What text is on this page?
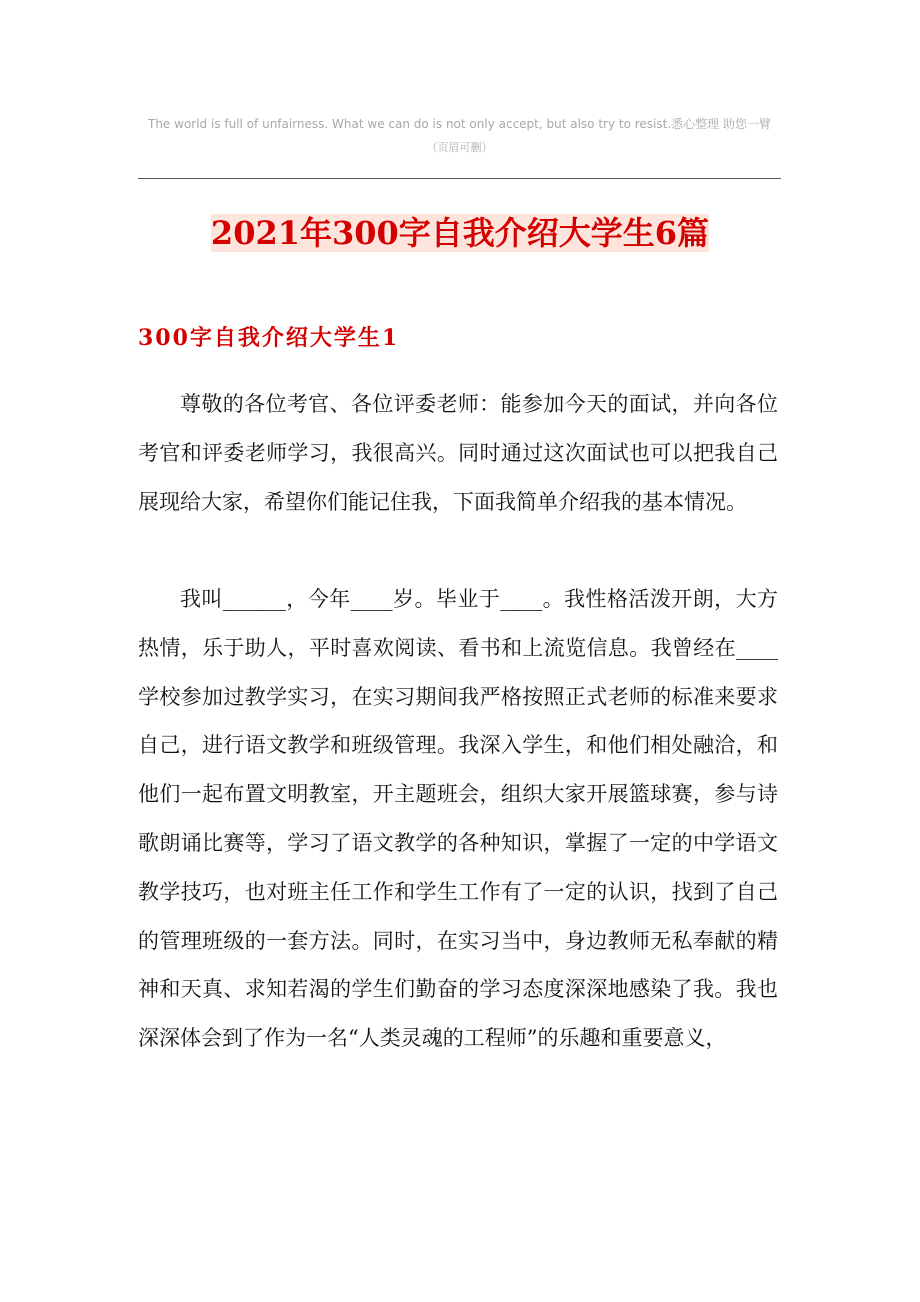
The world is full of unfairness. What we can do is not only accept, but also try to resist.悉心整理 助您一臂
（页眉可删）
2021年300字自我介绍大学生6篇
300字自我介绍大学生1

尊敬的各位考官、各位评委老师：能参加今天的面试，并向各位考官和评委老师学习，我很高兴。同时通过这次面试也可以把我自己展现给大家，希望你们能记住我，下面我简单介绍我的基本情况。

我叫______，今年____岁。毕业于____。我性格活泼开朗，大方热情，乐于助人，平时喜欢阅读、看书和上流览信息。我曾经在____学校参加过教学实习，在实习期间我严格按照正式老师的标准来要求自己，进行语文教学和班级管理。我深入学生，和他们相处融洽，和他们一起布置文明教室，开主题班会，组织大家开展篮球赛，参与诗歌朗诵比赛等，学习了语文教学的各种知识，掌握了一定的中学语文教学技巧，也对班主任工作和学生工作有了一定的认识，找到了自己的管理班级的一套方法。同时，在实习当中，身边教师无私奉献的精神和天真、求知若渴的学生们勤奋的学习态度深深地感染了我。我也深深体会到了作为一名“人类灵魂的工程师”的乐趣和重要意义，
